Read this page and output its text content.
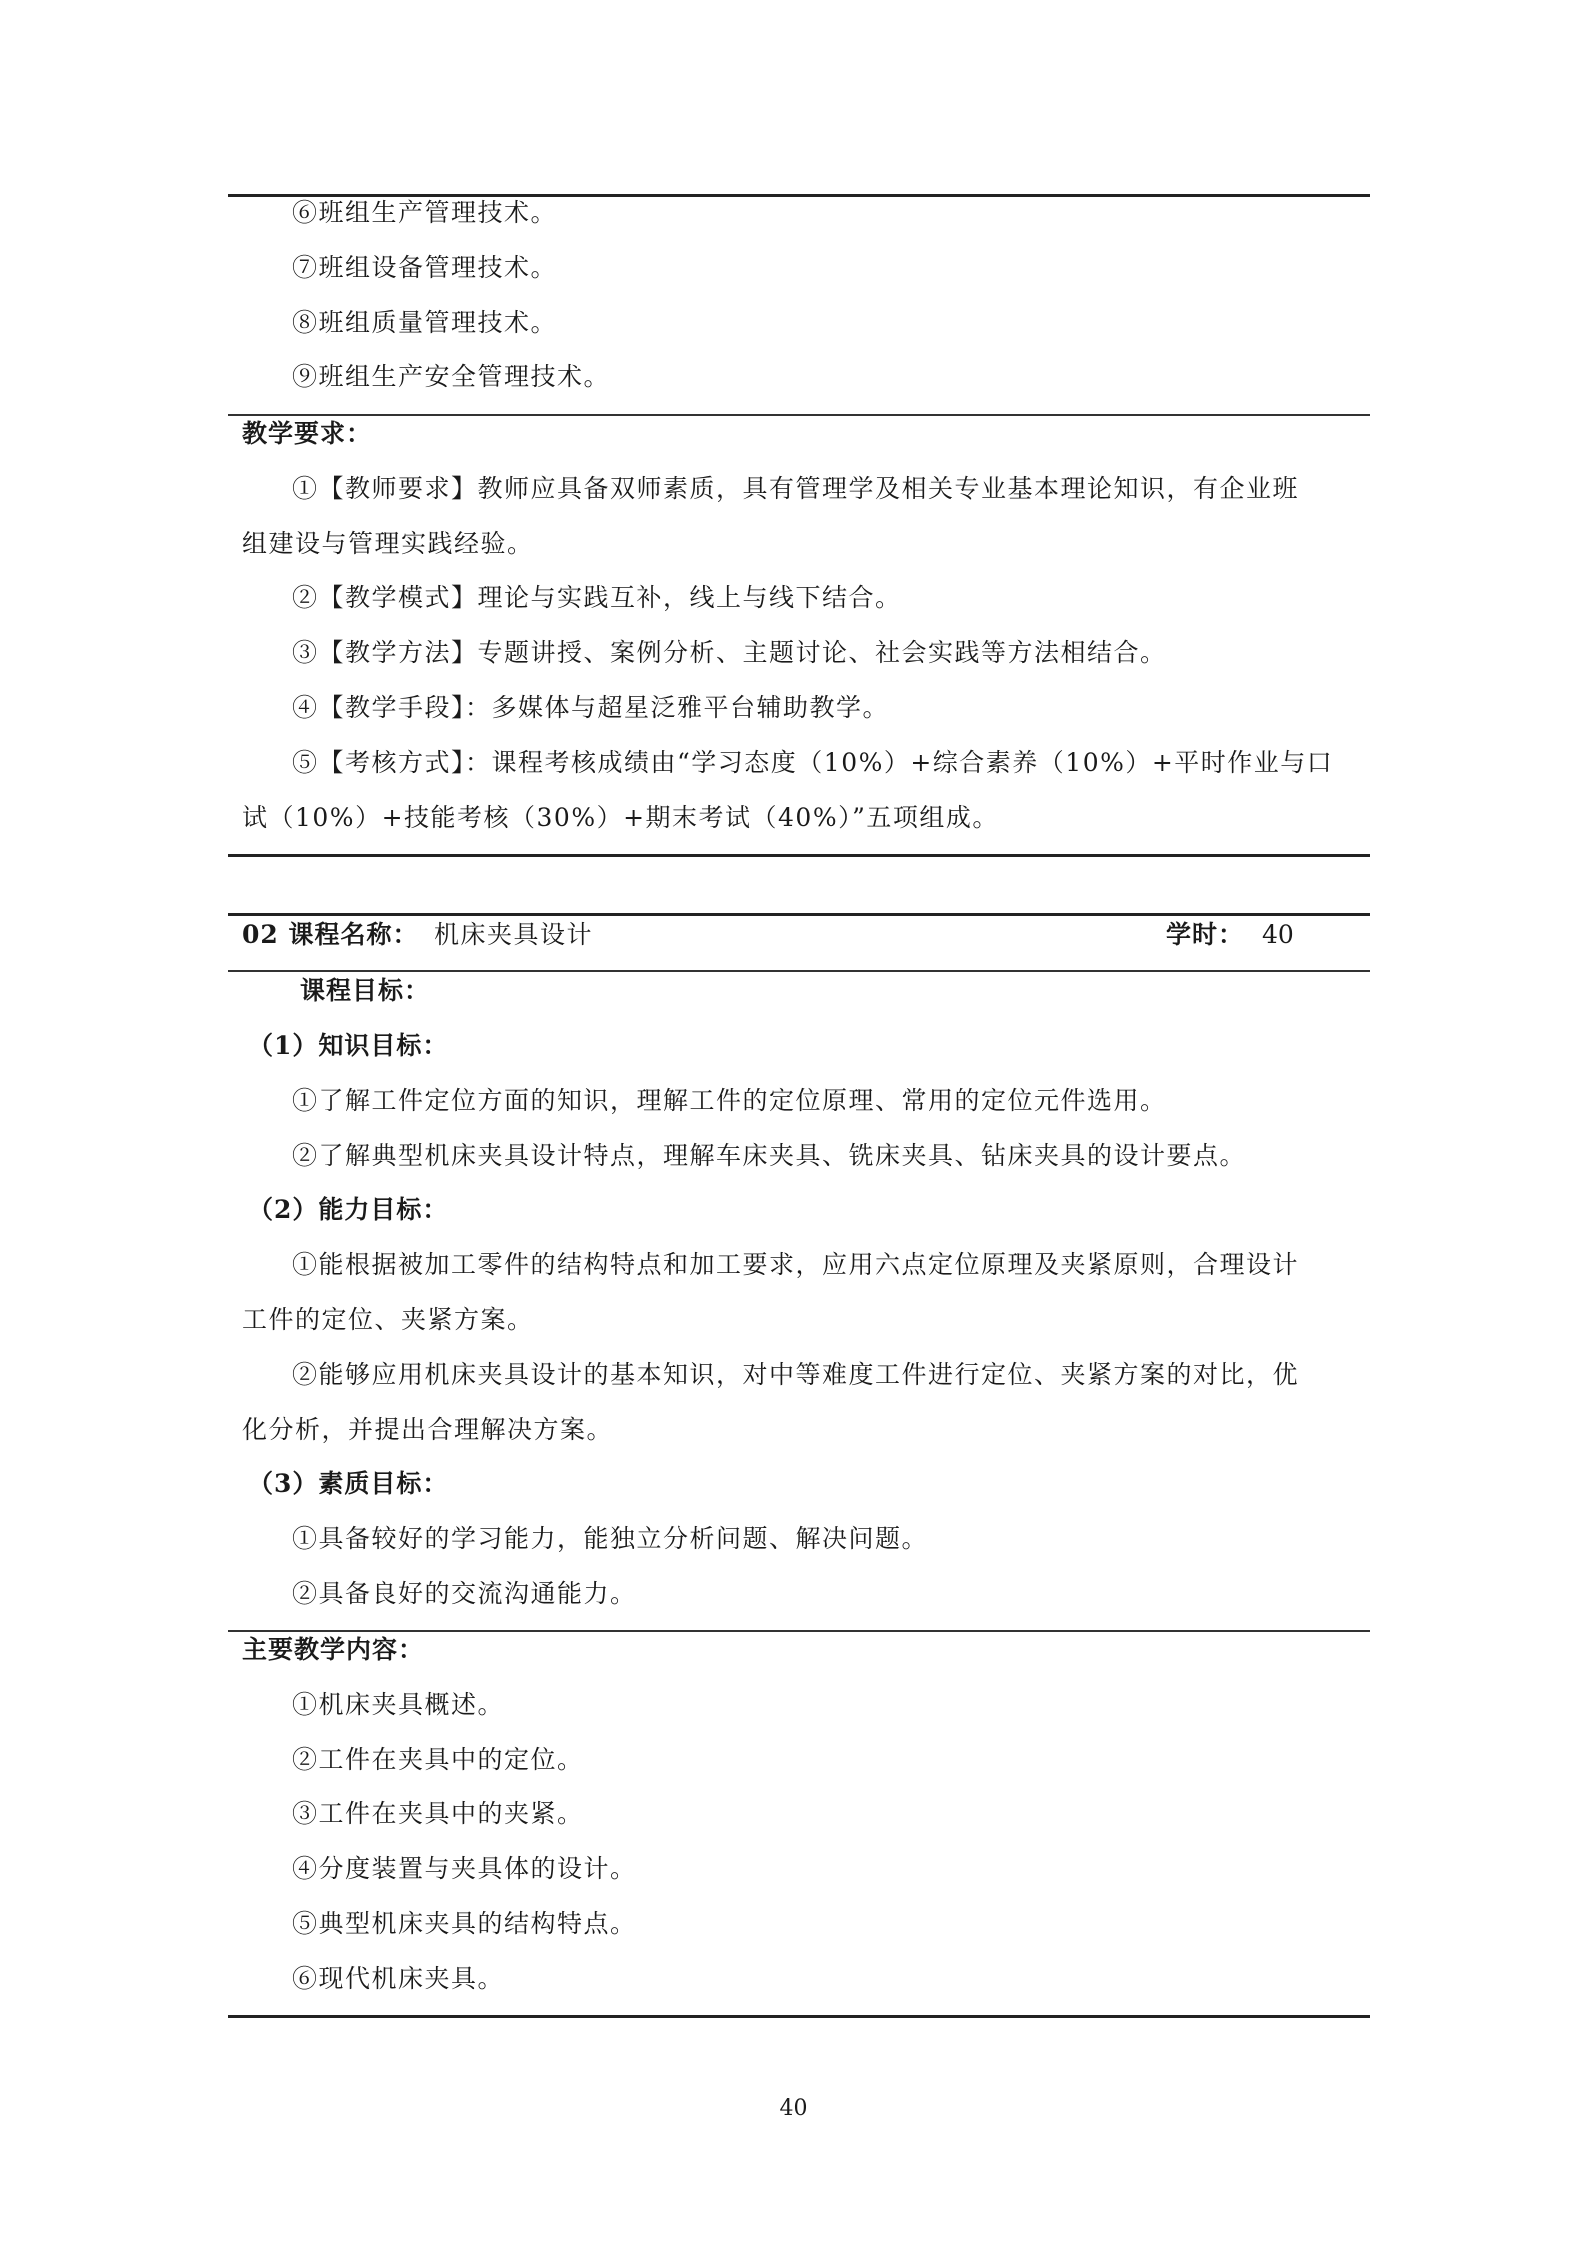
⑥班组生产管理技术。
⑦班组设备管理技术。
⑧班组质量管理技术。
⑨班组生产安全管理技术。
教学要求：
①【教师要求】教师应具备双师素质，具有管理学及相关专业基本理论知识，有企业班
组建设与管理实践经验。
②【教学模式】理论与实践互补，线上与线下结合。
③【教学方法】专题讲授、案例分析、主题讨论、社会实践等方法相结合。
④【教学手段】：多媒体与超星泛雅平台辅助教学。
⑤【考核方式】：课程考核成绩由“学习态度（10%）+综合素养（10%）+平时作业与口
试（10%）+技能考核（30%）+期末考试（40%）”五项组成。
02 课程名称： 机床夹具设计	学时： 40
课程目标：
（1）知识目标：
①了解工件定位方面的知识，理解工件的定位原理、常用的定位元件选用。
②了解典型机床夹具设计特点，理解车床夹具、铣床夹具、钻床夹具的设计要点。
（2）能力目标：
①能根据被加工零件的结构特点和加工要求，应用六点定位原理及夹紧原则，合理设计
工件的定位、夹紧方案。
②能够应用机床夹具设计的基本知识，对中等难度工件进行定位、夹紧方案的对比，优
化分析，并提出合理解决方案。
（3）素质目标：
①具备较好的学习能力，能独立分析问题、解决问题。
②具备良好的交流沟通能力。
主要教学内容：
①机床夹具概述。
②工件在夹具中的定位。
③工件在夹具中的夹紧。
④分度装置与夹具体的设计。
⑤典型机床夹具的结构特点。
⑥现代机床夹具。
40
